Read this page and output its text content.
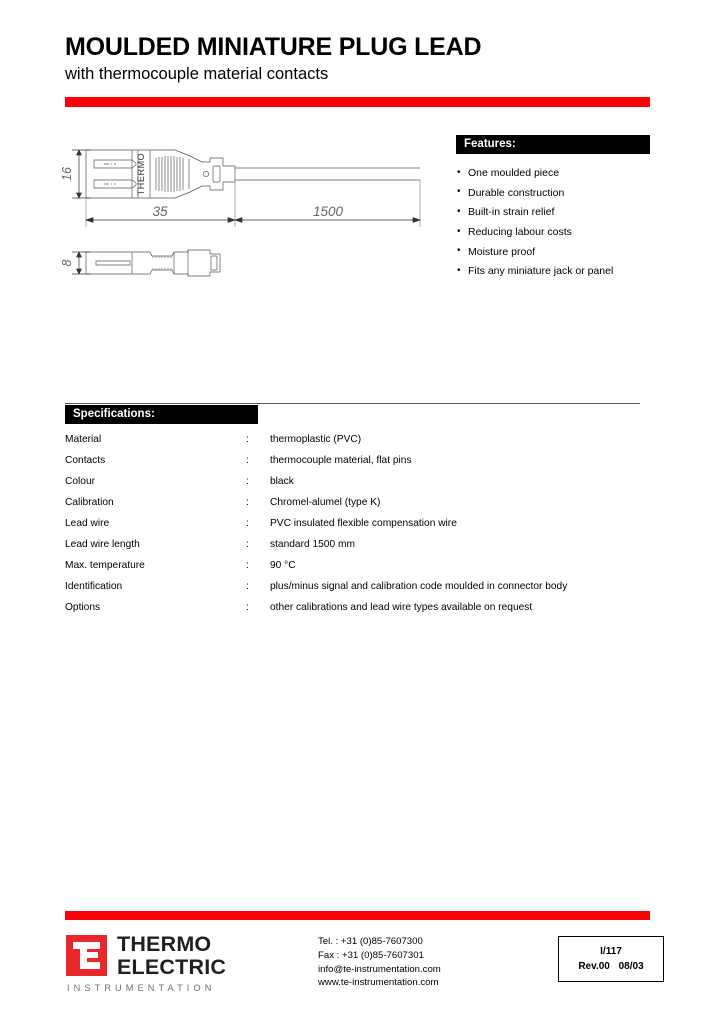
MOULDED MINIATURE PLUG LEAD
with thermocouple material contacts
THERMO
16
8
35	1500
Features:
• One moulded piece
• Durable construction
• Built-in strain relief
• Reducing labour costs
• Moisture proof
• Fits any miniature jack or panel
Specifications:
Material	:	thermoplastic (PVC)
Contacts	:	thermocouple material, flat pins
Colour	:	black
Calibration	:	Chromel-alumel (type K)
Lead wire	:	PVC insulated flexible compensation wire
Lead wire length	:	standard 1500 mm
Max. temperature	:	90 °C
Identification	:	plus/minus signal and calibration code moulded in connector body
Options	:	other calibrations and lead wire types available on request
THERMO
ELECTRIC
INSTRUMENTATION
Tel. : +31 (0)85-7607300
Fax : +31 (0)85-7607301
info@te-instrumentation.com
www.te-instrumentation.com
I/117
Rev.00 08/03
